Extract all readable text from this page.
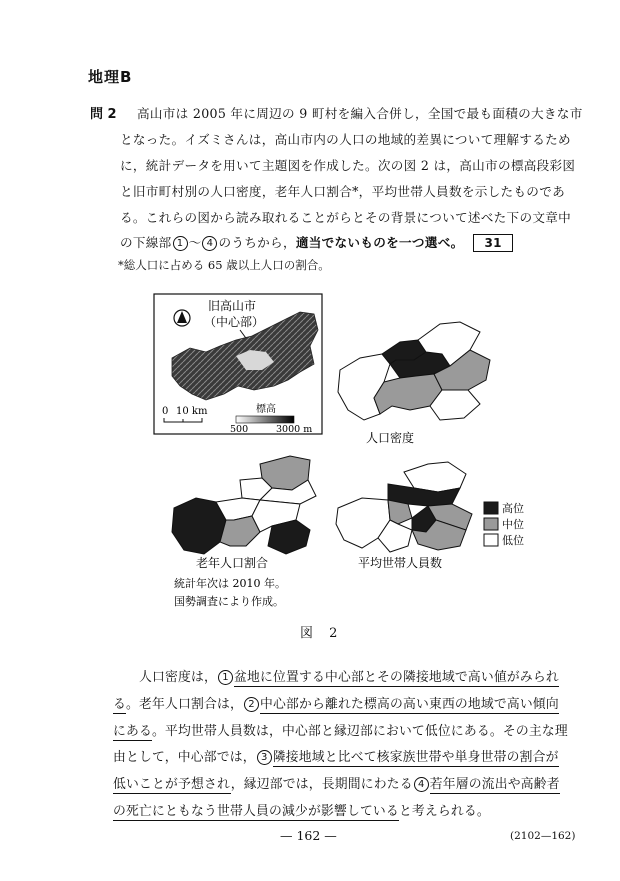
地理B
問 2 高山市は 2005 年に周辺の 9 町村を編入合併し，全国で最も面積の大きな市
となった。イズミさんは，高山市内の人口の地域的差異について理解するため
に，統計データを用いて主題図を作成した。次の図 2 は，高山市の標高段彩図
と旧市町村別の人口密度，老年人口割合*，平均世帯人員数を示したものであ
る。これらの図から読み取れることがらとその背景について述べた下の文章中
の下線部 1 ～ 4 のうちから，適当でないものを一つ選べ。 31
*総人口に占める 65 歳以上人口の割合。
旧高山市
（中心部）
0 10 km	標高
500	3000 m
人口密度
老年人口割合	平均世帯人員数
高位
中位
低位
統計年次は 2010 年。
国勢調査により作成。
図 2
人口密度は， 1 盆地に位置する中心部とその隣接地域で高い値がみられ
る。老年人口割合は， 2 中心部から離れた標高の高い東西の地域で高い傾向
にある。平均世帯人員数は，中心部と縁辺部において低位にある。その主な理
由として，中心部では， 3 隣接地域と比べて核家族世帯や単身世帯の割合が
低いことが予想され，縁辺部では，長期間にわたる 4 若年層の流出や高齢者
の死亡にともなう世帯人員の減少が影響していると考えられる。
— 162 —	(2102—162)
